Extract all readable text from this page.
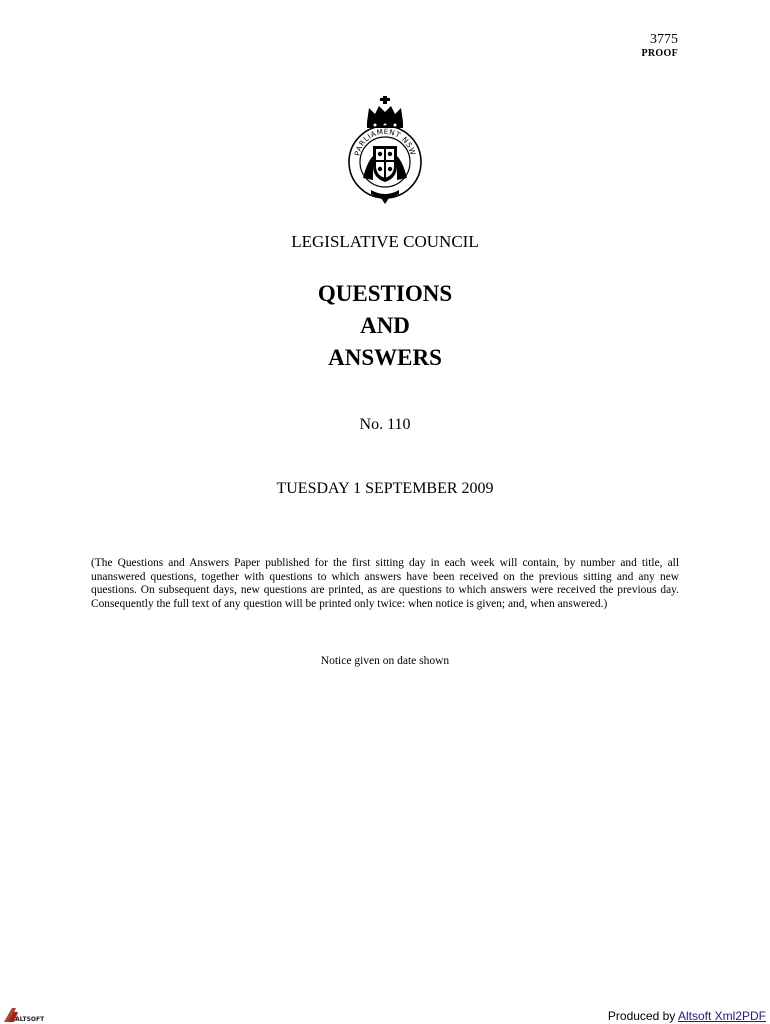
3775
PROOF
PARLIAMENT NSW
LEGISLATIVE COUNCIL
QUESTIONS
AND
ANSWERS
No. 110
TUESDAY 1 SEPTEMBER 2009
(The Questions and Answers Paper published for the first sitting day in each week will contain, by number and title, all unanswered questions, together with questions to which answers have been received on the previous sitting and any new questions. On subsequent days, new questions are printed, as are questions to which answers were received the previous day. Consequently the full text of any question will be printed only twice: when notice is given; and, when answered.)
Notice given on date shown
ALTSOFT	Produced by Altsoft Xml2PDF
